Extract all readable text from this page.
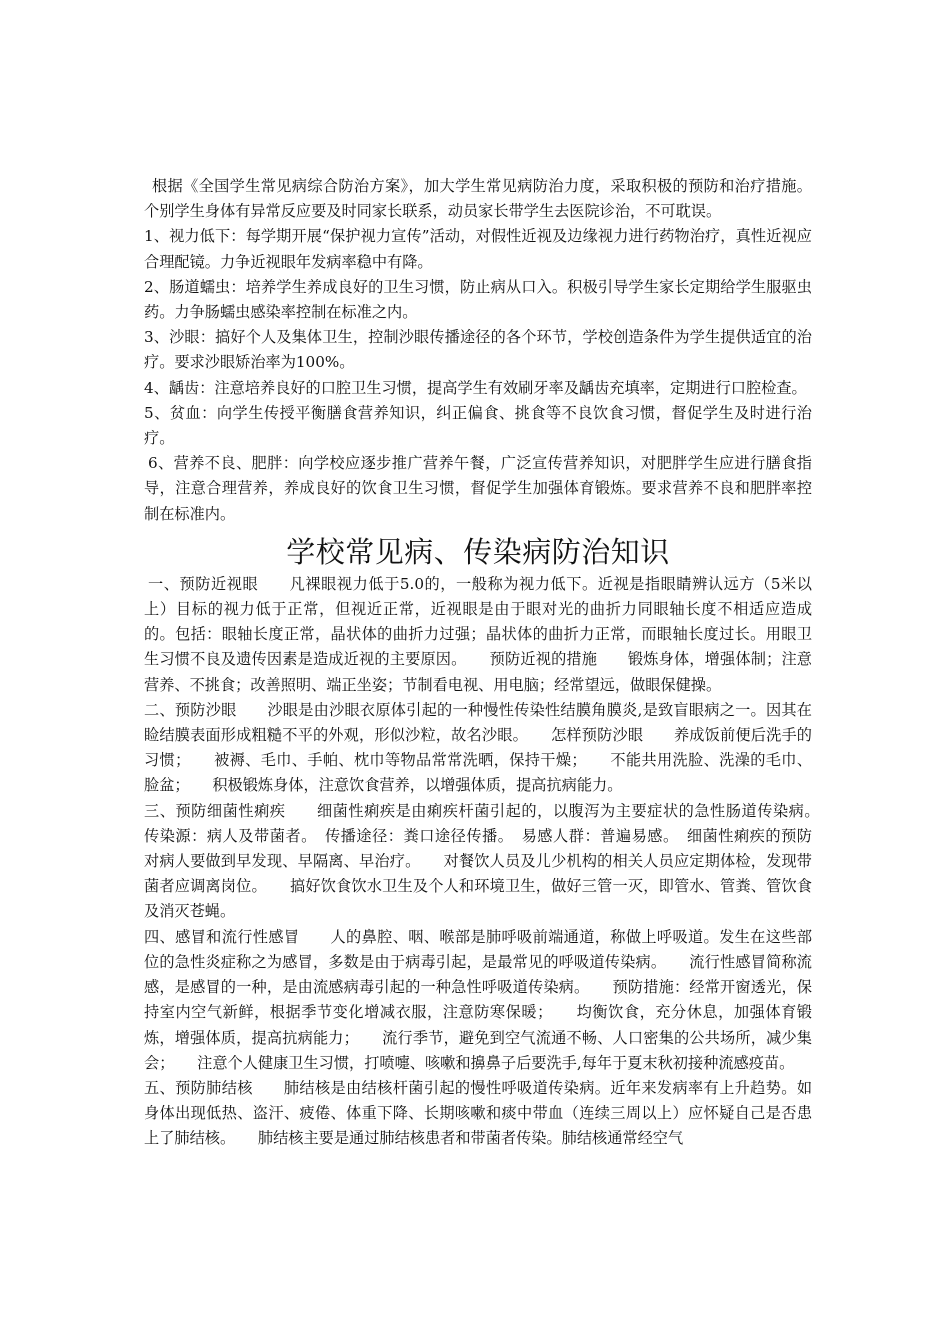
根据《全国学生常见病综合防治方案》，加大学生常见病防治力度，采取积极的预防和治疗措施。个别学生身体有异常反应要及时同家长联系，动员家长带学生去医院诊治，不可耽误。

1、视力低下：每学期开展“保护视力宣传”活动，对假性近视及边缘视力进行药物治疗，真性近视应合理配镜。力争近视眼年发病率稳中有降。

2、肠道蠕虫：培养学生养成良好的卫生习惯，防止病从口入。积极引导学生家长定期给学生服驱虫药。力争肠蠕虫感染率控制在标准之内。

3、沙眼：搞好个人及集体卫生，控制沙眼传播途径的各个环节，学校创造条件为学生提供适宜的治疗。要求沙眼矫治率为100%。

4、龋齿：注意培养良好的口腔卫生习惯，提高学生有效刷牙率及龋齿充填率，定期进行口腔检查。

5、贫血：向学生传授平衡膳食营养知识，纠正偏食、挑食等不良饮食习惯，督促学生及时进行治疗。

6、营养不良、肥胖：向学校应逐步推广营养午餐，广泛宣传营养知识，对肥胖学生应进行膳食指导，注意合理营养，养成良好的饮食卫生习惯，督促学生加强体育锻炼。要求营养不良和肥胖率控制在标准内。

学校常见病、传染病防治知识

一、预防近视眼　　凡裸眼视力低于5.0的，一般称为视力低下。近视是指眼睛辨认远方（5米以上）目标的视力低于正常，但视近正常，近视眼是由于眼对光的曲折力同眼轴长度不相适应造成的。包括：眼轴长度正常，晶状体的曲折力过强；晶状体的曲折力正常，而眼轴长度过长。用眼卫生习惯不良及遗传因素是造成近视的主要原因。　　预防近视的措施　　锻炼身体，增强体制；注意营养、不挑食；改善照明、端正坐姿；节制看电视、用电脑；经常望远，做眼保健操。

二、预防沙眼　　沙眼是由沙眼衣原体引起的一种慢性传染性结膜角膜炎,是致盲眼病之一。因其在睑结膜表面形成粗糙不平的外观，形似沙粒，故名沙眼。　　怎样预防沙眼　　养成饭前便后洗手的习惯；　　被褥、毛巾、手帕、枕巾等物品常常洗晒，保持干燥；　　不能共用洗脸、洗澡的毛巾、脸盆；　　积极锻炼身体，注意饮食营养，以增强体质，提高抗病能力。

三、预防细菌性痢疾　　细菌性痢疾是由痢疾杆菌引起的，以腹泻为主要症状的急性肠道传染病。　传染源：病人及带菌者。　传播途径：粪口途径传播。　易感人群：普遍易感。　细菌性痢疾的预防　　对病人要做到早发现、早隔离、早治疗。　　对餐饮人员及儿少机构的相关人员应定期体检，发现带菌者应调离岗位。　　搞好饮食饮水卫生及个人和环境卫生，做好三管一灭，即管水、管粪、管饮食及消灭苍蝇。

四、感冒和流行性感冒　　人的鼻腔、咽、喉部是肺呼吸前端通道，称做上呼吸道。发生在这些部位的急性炎症称之为感冒，多数是由于病毒引起，是最常见的呼吸道传染病。　　流行性感冒简称流感，是感冒的一种，是由流感病毒引起的一种急性呼吸道传染病。　　预防措施：经常开窗透光，保持室内空气新鲜，根据季节变化增减衣服，注意防寒保暖；　　均衡饮食，充分休息，加强体育锻炼，增强体质，提高抗病能力；　　流行季节，避免到空气流通不畅、人口密集的公共场所，减少集会；　　注意个人健康卫生习惯，打喷嚏、咳嗽和擤鼻子后要洗手,每年于夏末秋初接种流感疫苗。

五、预防肺结核　　肺结核是由结核杆菌引起的慢性呼吸道传染病。近年来发病率有上升趋势。如身体出现低热、盗汗、疲倦、体重下降、长期咳嗽和痰中带血（连续三周以上）应怀疑自己是否患上了肺结核。　　肺结核主要是通过肺结核患者和带菌者传染。肺结核通常经空气
